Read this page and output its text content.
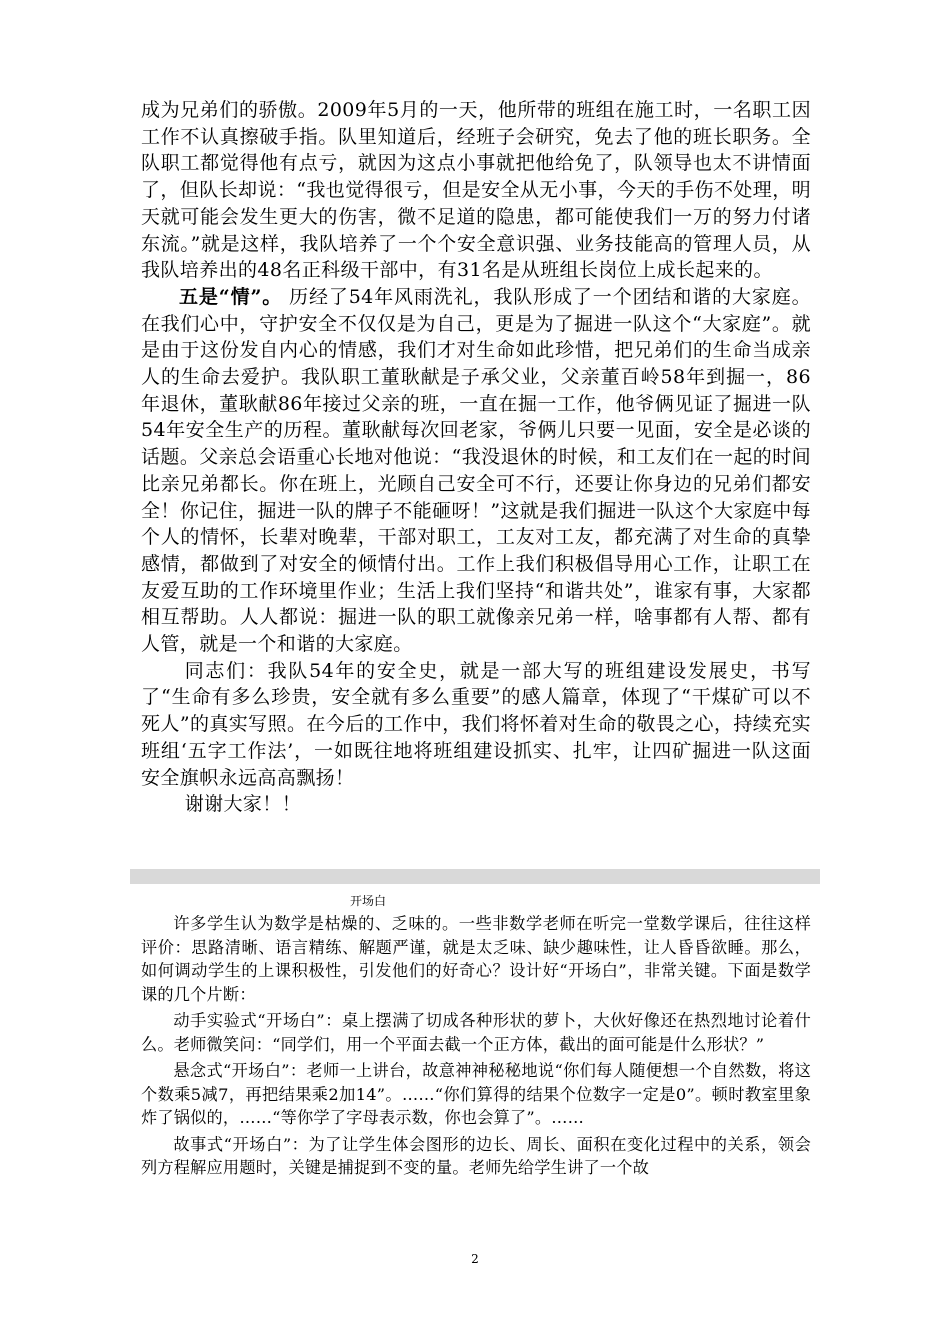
成为兄弟们的骄傲。2009年5月的一天，他所带的班组在施工时，一名职工因工作不认真擦破手指。队里知道后，经班子会研究，免去了他的班长职务。全队职工都觉得他有点亏，就因为这点小事就把他给免了，队领导也太不讲情面了，但队长却说：“我也觉得很亏，但是安全从无小事，今天的手伤不处理，明天就可能会发生更大的伤害，微不足道的隐患，都可能使我们一万的努力付诸东流。”就是这样，我队培养了一个个安全意识强、业务技能高的管理人员，从我队培养出的48名正科级干部中，有31名是从班组长岗位上成长起来的。

五是“情”。 历经了54年风雨洗礼，我队形成了一个团结和谐的大家庭。在我们心中，守护安全不仅仅是为自己，更是为了掘进一队这个“大家庭”。就是由于这份发自内心的情感，我们才对生命如此珍惜，把兄弟们的生命当成亲人的生命去爱护。我队职工董耿献是子承父业，父亲董百岭58年到掘一，86年退休，董耿献86年接过父亲的班，一直在掘一工作，他爷俩见证了掘进一队54年安全生产的历程。董耿献每次回老家，爷俩儿只要一见面，安全是必谈的话题。父亲总会语重心长地对他说：“我没退休的时候，和工友们在一起的时间比亲兄弟都长。你在班上，光顾自己安全可不行，还要让你身边的兄弟们都安全！你记住，掘进一队的牌子不能砸呀！”这就是我们掘进一队这个大家庭中每个人的情怀，长辈对晚辈，干部对职工，工友对工友，都充满了对生命的真挚感情，都做到了对安全的倾情付出。工作上我们积极倡导用心工作，让职工在友爱互助的工作环境里作业；生活上我们坚持“和谐共处”，谁家有事，大家都相互帮助。人人都说：掘进一队的职工就像亲兄弟一样，啥事都有人帮、都有人管，就是一个和谐的大家庭。

同志们：我队54年的安全史，就是一部大写的班组建设发展史，书写了“生命有多么珍贵，安全就有多么重要”的感人篇章，体现了“干煤矿可以不死人”的真实写照。在今后的工作中，我们将怀着对生命的敬畏之心，持续充实班组‘五字工作法’，一如既往地将班组建设抓实、扎牢，让四矿掘进一队这面安全旗帜永远高高飘扬！

谢谢大家！！

开场白

许多学生认为数学是枯燥的、乏味的。一些非数学老师在听完一堂数学课后，往往这样评价：思路清晰、语言精练、解题严谨，就是太乏味、缺少趣味性，让人昏昏欲睡。那么，如何调动学生的上课积极性，引发他们的好奇心？设计好“开场白”，非常关键。下面是数学课的几个片断：

动手实验式“开场白”：桌上摆满了切成各种形状的萝卜，大伙好像还在热烈地讨论着什么。老师微笑问：“同学们，用一个平面去截一个正方体，截出的面可能是什么形状？”

悬念式“开场白”：老师一上讲台，故意神神秘秘地说“你们每人随便想一个自然数，将这个数乘5减7，再把结果乘2加14”。……“你们算得的结果个位数字一定是0”。顿时教室里象炸了锅似的，……“等你学了字母表示数，你也会算了”。……

故事式“开场白”：为了让学生体会图形的边长、周长、面积在变化过程中的关系，领会列方程解应用题时，关键是捕捉到不变的量。老师先给学生讲了一个故

2
